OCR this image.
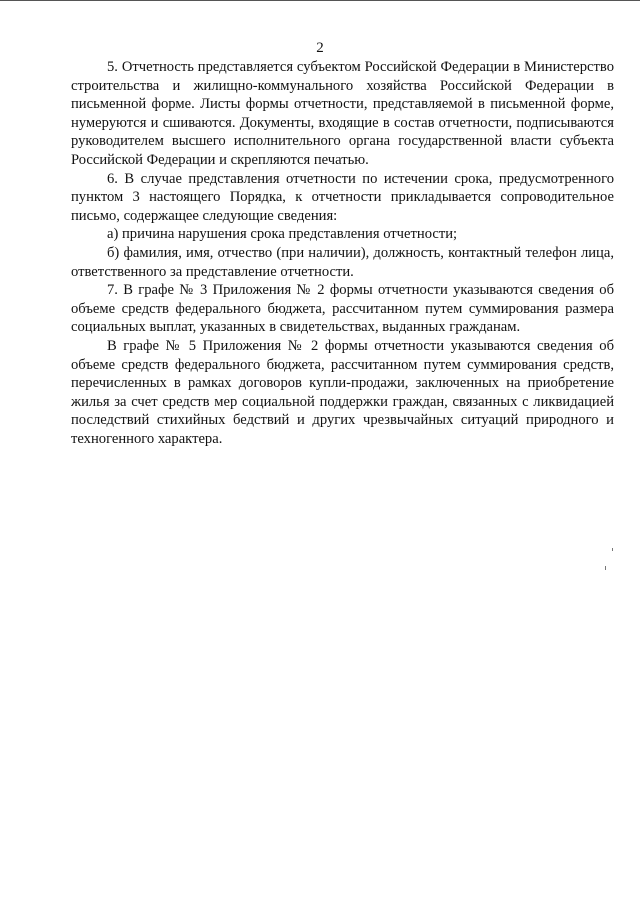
2

5. Отчетность представляется субъектом Российской Федерации в Министерство строительства и жилищно-коммунального хозяйства Российской Федерации в письменной форме. Листы формы отчетности, представляемой в письменной форме, нумеруются и сшиваются. Документы, входящие в состав отчетности, подписываются руководителем высшего исполнительного органа государственной власти субъекта Российской Федерации и скрепляются печатью.

6. В случае представления отчетности по истечении срока, предусмотренного пунктом 3 настоящего Порядка, к отчетности прикладывается сопроводительное письмо, содержащее следующие сведения:

а) причина нарушения срока представления отчетности;

б) фамилия, имя, отчество (при наличии), должность, контактный телефон лица, ответственного за представление отчетности.

7. В графе № 3 Приложения № 2 формы отчетности указываются сведения об объеме средств федерального бюджета, рассчитанном путем суммирования размера социальных выплат, указанных в свидетельствах, выданных гражданам.

В графе № 5 Приложения № 2 формы отчетности указываются сведения об объеме средств федерального бюджета, рассчитанном путем суммирования средств, перечисленных в рамках договоров купли-продажи, заключенных на приобретение жилья за счет средств мер социальной поддержки граждан, связанных с ликвидацией последствий стихийных бедствий и других чрезвычайных ситуаций природного и техногенного характера.
